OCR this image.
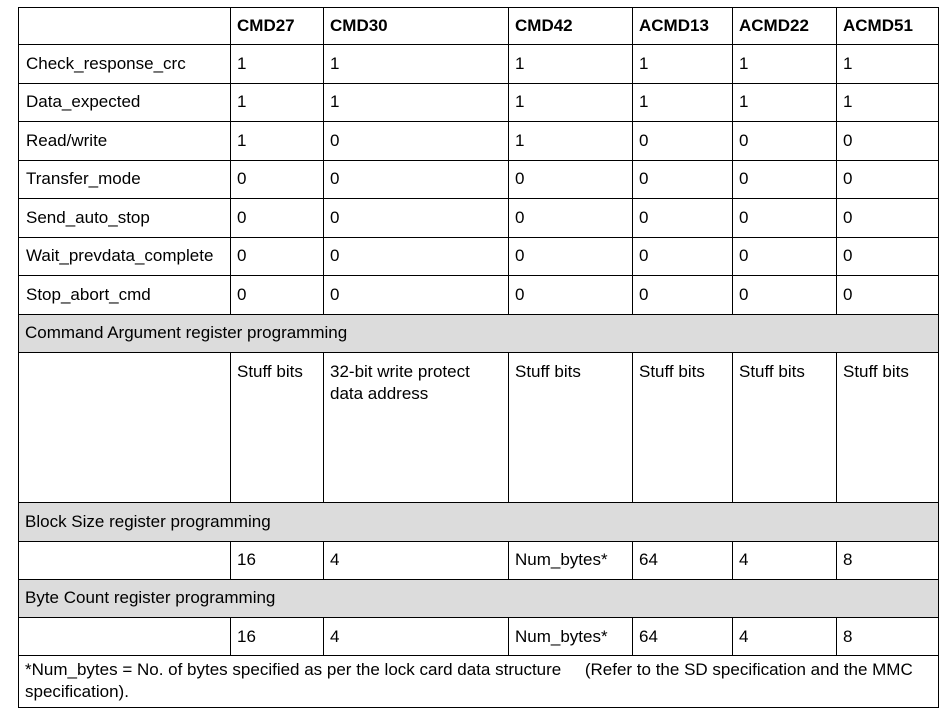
	CMD27	CMD30	CMD42	ACMD13	ACMD22	ACMD51
Check_response_crc	1	1	1	1	1	1
Data_expected	1	1	1	1	1	1
Read/write	1	0	1	0	0	0
Transfer_mode	0	0	0	0	0	0
Send_auto_stop	0	0	0	0	0	0
Wait_prevdata_complete	0	0	0	0	0	0
Stop_abort_cmd	0	0	0	0	0	0
Command Argument register programming						
	Stuff bits	32-bit write protect data address	Stuff bits	Stuff bits	Stuff bits	Stuff bits
Block Size register programming						
	16	4	Num_bytes*	64	4	8
Byte Count register programming						
	16	4	Num_bytes*	64	4	8
*Num_bytes = No. of bytes specified as per the lock card data structure     (Refer to the SD specification and the MMC specification).						
